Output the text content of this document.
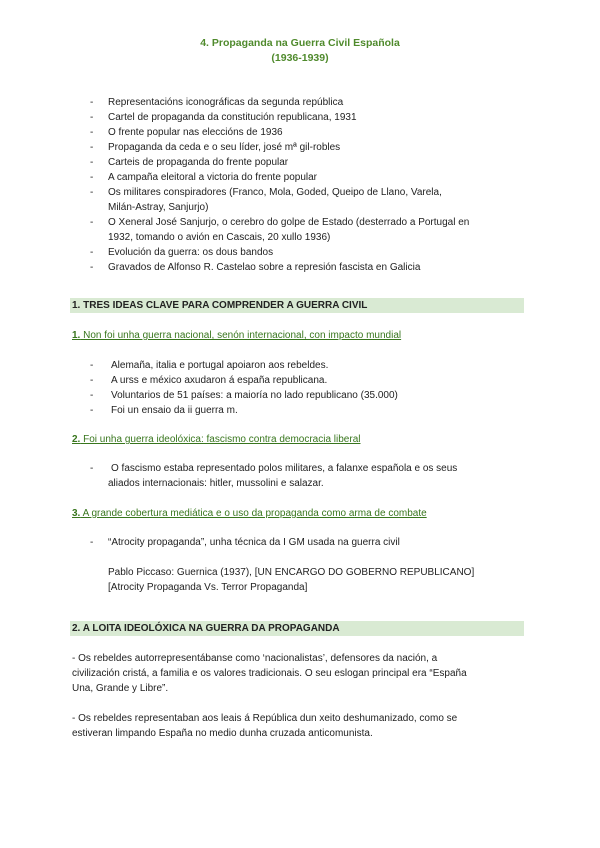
4. Propaganda na Guerra Civil Española
(1936-1939)
- Representacións iconográficas da segunda república
- Cartel de propaganda da constitución republicana, 1931
- O frente popular nas eleccións de 1936
- Propaganda da ceda e o seu líder, josé mª gil-robles
- Carteis de propaganda do frente popular
- A campaña eleitoral a victoria do frente popular
- Os militares conspiradores (Franco, Mola, Goded, Queipo de Llano, Varela,
Milán-Astray, Sanjurjo)
- O Xeneral José Sanjurjo, o cerebro do golpe de Estado (desterrado a Portugal en
1932, tomando o avión en Cascais, 20 xullo 1936)
- Evolución da guerra: os dous bandos
- Gravados de Alfonso R. Castelao sobre a represión fascista en Galicia
1. TRES IDEAS CLAVE PARA COMPRENDER A GUERRA CIVIL
1. Non foi unha guerra nacional, senón internacional, con impacto mundial
- Alemaña, italia e portugal apoiaron aos rebeldes.
- A urss e méxico axudaron á españa republicana.
- Voluntarios de 51 países: a maioría no lado republicano (35.000)
- Foi un ensaio da ii guerra m.
2. Foi unha guerra ideolóxica: fascismo contra democracia liberal
- O fascismo estaba representado polos militares, a falanxe española e os seus
aliados internacionais: hitler, mussolini e salazar.
3. A grande cobertura mediática e o uso da propaganda como arma de combate
- “Atrocity propaganda”, unha técnica da I GM usada na guerra civil
Pablo Piccaso: Guernica (1937), [UN ENCARGO DO GOBERNO REPUBLICANO]
[Atrocity Propaganda Vs. Terror Propaganda]
2. A LOITA IDEOLÓXICA NA GUERRA DA PROPAGANDA
- Os rebeldes autorrepresentábanse como ‘nacionalistas’, defensores da nación, a
civilización cristá, a familia e os valores tradicionais. O seu eslogan principal era “España
Una, Grande y Libre”.
- Os rebeldes representaban aos leais á República dun xeito deshumanizado, como se
estiveran limpando España no medio dunha cruzada anticomunista.
